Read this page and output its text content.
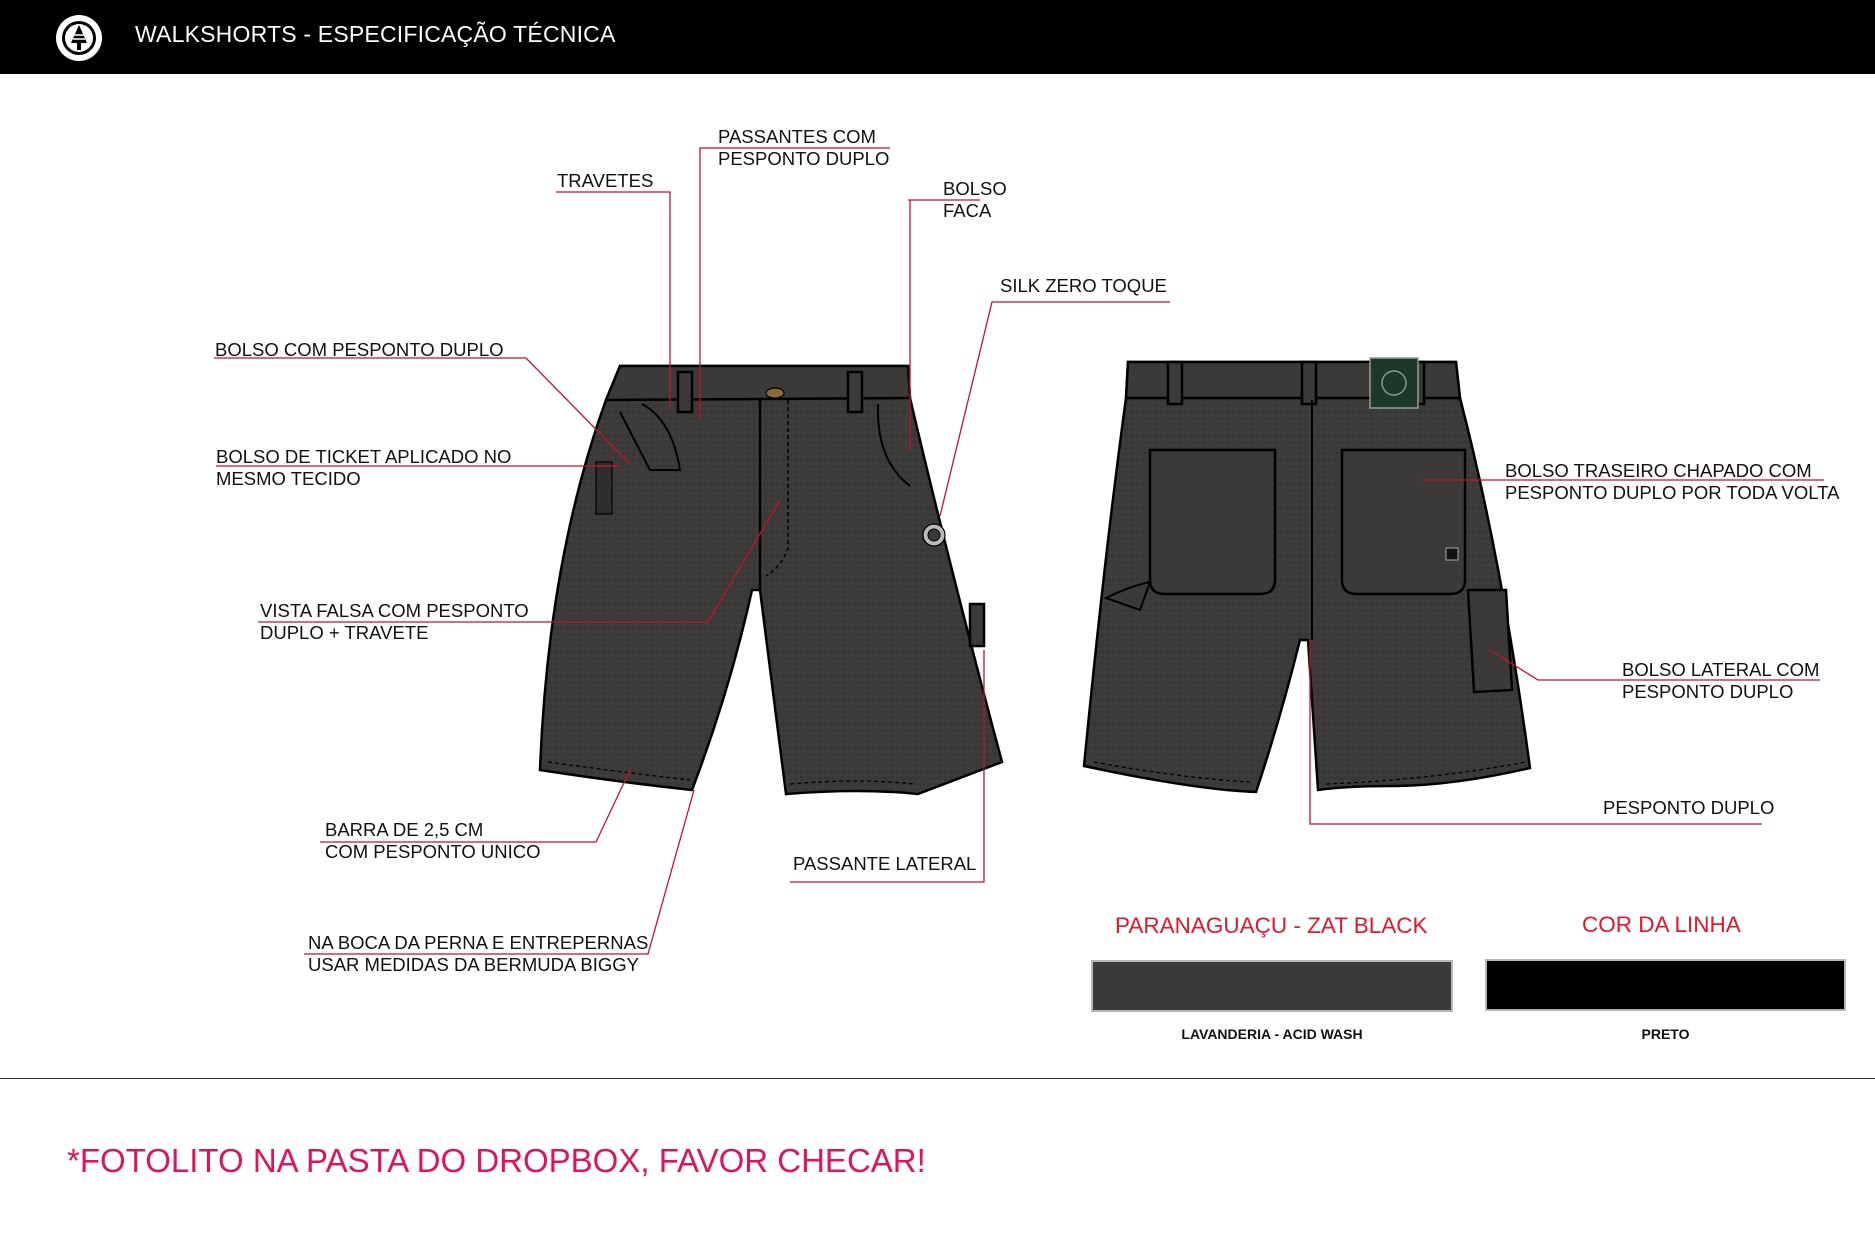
WALKSHORTS - ESPECIFICAÇÃO TÉCNICA
TRAVETES
PASSANTES COM
PESPONTO DUPLO
BOLSO
FACA
SILK ZERO TOQUE
BOLSO COM PESPONTO DUPLO
BOLSO DE TICKET APLICADO NO
MESMO TECIDO
VISTA FALSA COM PESPONTO
DUPLO + TRAVETE
BARRA DE 2,5 CM
COM PESPONTO UNICO
NA BOCA DA PERNA E ENTREPERNAS
USAR MEDIDAS DA BERMUDA BIGGY
PASSANTE LATERAL
BOLSO TRASEIRO CHAPADO COM
PESPONTO DUPLO POR TODA VOLTA
BOLSO LATERAL COM
PESPONTO DUPLO
PESPONTO DUPLO
PARANAGUAÇU - ZAT BLACK
LAVANDERIA - ACID WASH
COR DA LINHA
PRETO
*FOTOLITO NA PASTA DO DROPBOX, FAVOR CHECAR!
